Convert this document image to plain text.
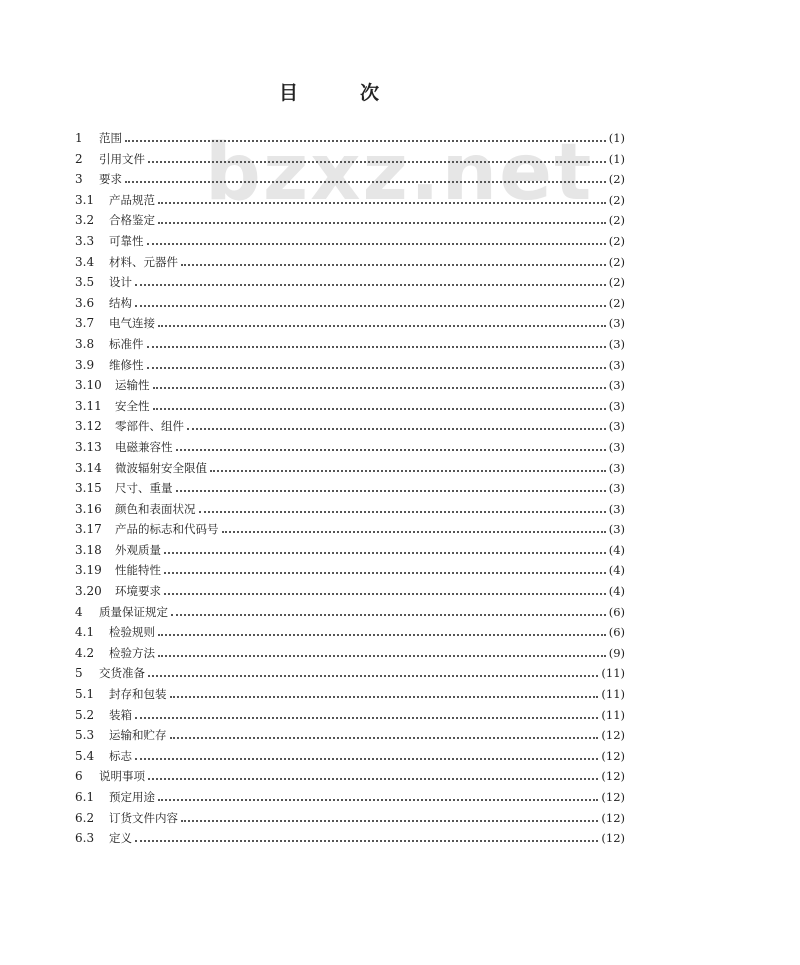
bzxz.net
目次
1	范围	(1)
2	引用文件	(1)
3	要求	(2)
3.1	产品规范	(2)
3.2	合格鉴定	(2)
3.3	可靠性	(2)
3.4	材料、元器件	(2)
3.5	设计	(2)
3.6	结构	(2)
3.7	电气连接	(3)
3.8	标准件	(3)
3.9	维修性	(3)
3.10	运输性	(3)
3.11	安全性	(3)
3.12	零部件、组件	(3)
3.13	电磁兼容性	(3)
3.14	微波辐射安全限值	(3)
3.15	尺寸、重量	(3)
3.16	颜色和表面状况	(3)
3.17	产品的标志和代码号	(3)
3.18	外观质量	(4)
3.19	性能特性	(4)
3.20	环境要求	(4)
4	质量保证规定	(6)
4.1	检验规则	(6)
4.2	检验方法	(9)
5	交货准备	(11)
5.1	封存和包装	(11)
5.2	装箱	(11)
5.3	运输和贮存	(12)
5.4	标志	(12)
6	说明事项	(12)
6.1	预定用途	(12)
6.2	订货文件内容	(12)
6.3	定义	(12)
